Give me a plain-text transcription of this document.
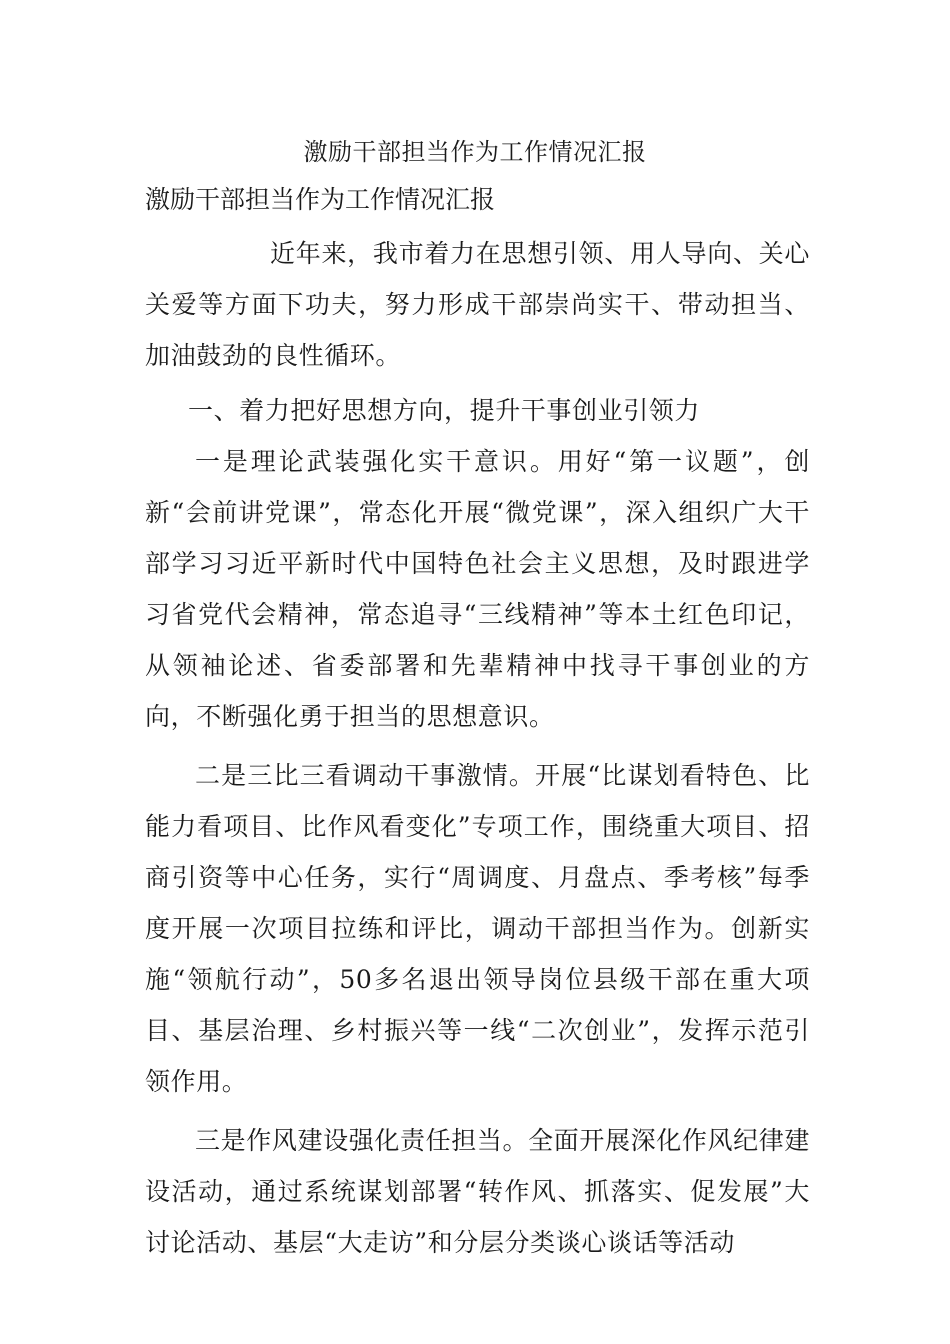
激励干部担当作为工作情况汇报
激励干部担当作为工作情况汇报

近年来，我市着力在思想引领、用人导向、关心关爱等方面下功夫，努力形成干部崇尚实干、带动担当、加油鼓劲的良性循环。

一、着力把好思想方向，提升干事创业引领力

一是理论武装强化实干意识。用好“第一议题”，创新“会前讲党课”，常态化开展“微党课”，深入组织广大干部学习习近平新时代中国特色社会主义思想，及时跟进学习省党代会精神，常态追寻“三线精神”等本土红色印记，从领袖论述、省委部署和先辈精神中找寻干事创业的方向，不断强化勇于担当的思想意识。

二是三比三看调动干事激情。开展“比谋划看特色、比能力看项目、比作风看变化”专项工作，围绕重大项目、招商引资等中心任务，实行“周调度、月盘点、季考核”每季度开展一次项目拉练和评比，调动干部担当作为。创新实施“领航行动”，50多名退出领导岗位县级干部在重大项目、基层治理、乡村振兴等一线“二次创业”，发挥示范引领作用。

三是作风建设强化责任担当。全面开展深化作风纪律建设活动，通过系统谋划部署“转作风、抓落实、促发展”大讨论活动、基层“大走访”和分层分类谈心谈话等活动
